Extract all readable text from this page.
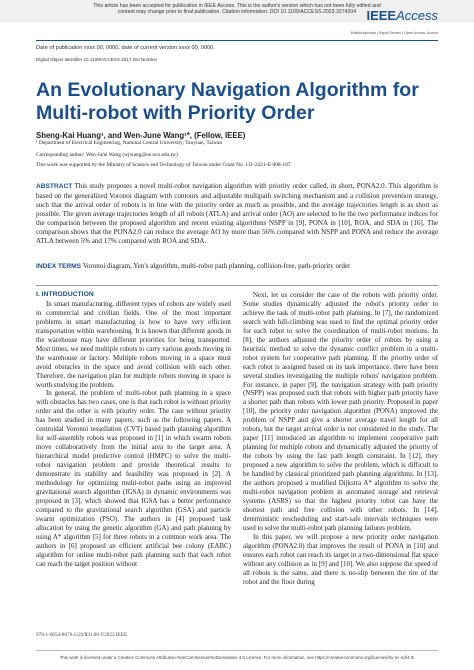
This article has been accepted for publication in IEEE Access. This is the author's version which has not been fully edited and
content may change prior to final publication. Citation information: DOI 10.1109/ACCESS.2023.3274204 IEEEAccess
Multidisciplinary | Rapid Review | Open Access Journal
Date of publication xxxx 00, 0000, date of current version xxxx 00, 0000.
Digital Object Identifier 10.1109/ACCESS.2017.Doi Number
An Evolutionary Navigation Algorithm for Multi-robot with Priority Order
Sheng-Kai Huang¹, and Wen-June Wang¹*, (Fellow, IEEE)
¹ Department of Electrical Engineering, National Central University; Taoyuan, Taiwan
Corresponding author: Wen-June Wang (wjwang@ee.ncu.edu.tw)
This work was supported by the Ministry of Science and Technology of Taiwan under Grant No. 111-2221-E-008-107.
ABSTRACT This study proposes a novel multi-robot navigation algorithm with priority order called, in short, PONA2.0. This algorithm is based on the generalized Voronoi diagram with contours and adjustable multipath switching mechanism and a collision prevention strategy, such that the arrival order of robots is in line with the priority order as much as possible, and the average trajectories length is as short as possible. The given average trajectories length of all robots (ATLA) and arrival order (AO) are selected to be the two performance indices for the comparison between the proposed algorithm and recent existing algorithms NSPP in [9], PONA in [10], ROA, and SDA in [16]. The comparison shows that the PONA2.0 can reduce the average AO by more than 56% compared with NSPP and PONA and reduce the average ATLA between 5% and 17% compared with ROA and SDA.
INDEX TERMS Voronoi diagram, Yen's algorithm, multi-robot path planning, collision-free, path-priority order

I. INTRODUCTION

In smart manufacturing, different types of robots are widely used in commercial and civilian fields. One of the most important problems in smart manufacturing is how to have very efficient transportation within warehousing. It is known that different goods in the warehouse may have different priorities for being transported. Most times, we need multiple robots to carry various goods moving in the warehouse or factory. Multiple robots moving in a space must avoid obstacles in the space and avoid collision with each other. Therefore, the navigation plan for multiple robots moving in space is worth studying the problem.

In general, the problem of multi-robot path planning in a space with obstacles has two cases, one is that each robot is without priority order and the other is with priority order. The case without priority has been studied in many papers, such as the following papers. A centroidal Voronoi tessellation (CVT) based path planning algorithm for self-assembly robots was proposed in [1] in which swarm robots move collaboratively from the initial area to the target area. A hierarchical model predictive control (HMPC) to solve the multi-robot navigation problem and provide theoretical results to demonstrate its stability and feasibility was proposed in [2]. A methodology for optimizing multi-robot paths using an improved gravitational search algorithm (IGSA) in dynamic environments was proposed in [3], which showed that IGSA has a better performance compared to the gravitational search algorithm (GSA) and particle swarm optimization (PSO). The authors in [4] proposed task allocation by using the genetic algorithm (GA) and path planning by using A* algorithm [5] for three robots in a common work area. The authors in [6] proposed an efficient artificial bee colony (EABC) algorithm for online multi-robot path planning such that each robot can reach the target position without

Next, let us consider the case of the robots with priority order. Some studies dynamically adjusted the robot's priority order to achieve the task of multi-robot path planning. In [7], the randomized search with hill-climbing was used to find the optimal priority order for each robot to solve the coordination of multi-robot motions. In [8], the authors adjusted the priority order of robots by using a heuristic method to solve the dynamic conflict problem in a multi-robot system for cooperative path planning. If the priority order of each robot is assigned based on its task importance, there have been several studies investigating the multiple robots' navigation problem. For instance, in paper [9], the navigation strategy with path priority (NSPP) was proposed such that robots with higher path priority have a shorter path than robots with lower path priority. Proposed in paper [10], the priority order navigation algorithm (PONA) improved the problem of NSPP and give a shorter average travel length for all robots, but the target arrival order is not considered in the study. The paper [11] introduced an algorithm to implement cooperative path planning for multiple robots and dynamically adjusted the priority of the robots by using the fast path length constraint. In [12], they proposed a new algorithm to solve the problem, which is difficult to be handled by classical prioritized path planning algorithms. In [13], the authors proposed a modified Dijkstra A* algorithm to solve the multi-robot navigation problem in automated storage and retrieval systems (ASRS) so that the highest priority robot can have the shortest path and free collision with other robots. In [14], deterministic rescheduling and start-safe intervals techniques were used to solve the multi-robot path planning failures problem.

In this paper, we will propose a new priority order navigation algorithm (PONA2.0) that improves the result of PONA in [10] and ensures each robot can reach its target in a two-dimensional flat space without any collision as in [9] and [10]. We also suppose the speed of all robots is the same, and there is no-slip between the tire of the robot and the floor during

978-1-6654-8076-5/22/$31.00 ©2022 IEEE
This work is licensed under a Creative Commons Attribution-NonCommercial-NoDerivatives 4.0 License. For more information, see https://creativecommons.org/licenses/by-nc-nd/4.0/
